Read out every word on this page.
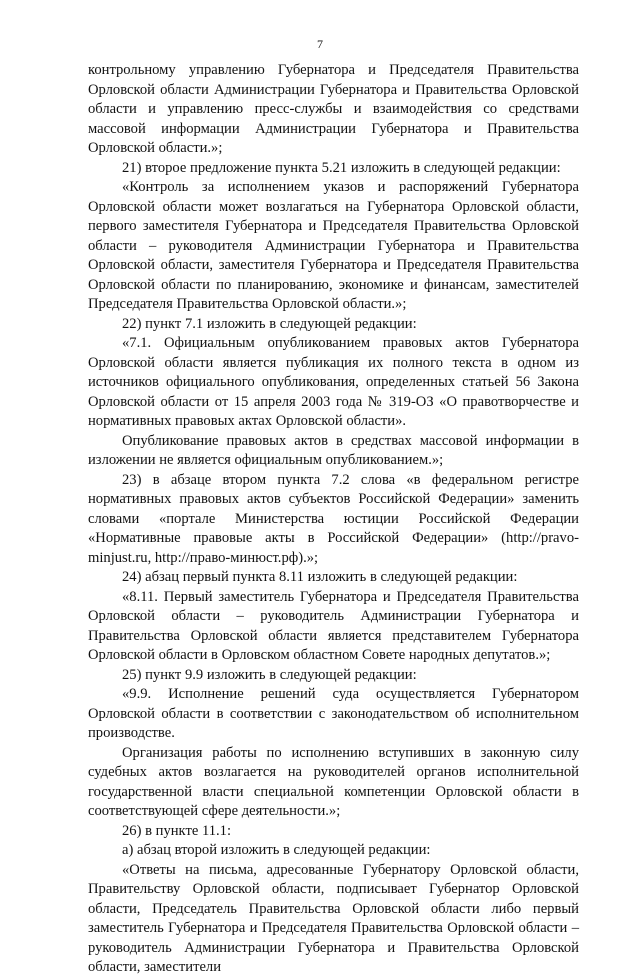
7

контрольному управлению Губернатора и Председателя Правительства Орловской области Администрации Губернатора и Правительства Орловской области и управлению пресс-службы и взаимодействия со средствами массовой информации Администрации Губернатора и Правительства Орловской области.»;

21) второе предложение пункта 5.21 изложить в следующей редакции:

«Контроль за исполнением указов и распоряжений Губернатора Орловской области может возлагаться на Губернатора Орловской области, первого заместителя Губернатора и Председателя Правительства Орловской области – руководителя Администрации Губернатора и Правительства Орловской области, заместителя Губернатора и Председателя Правительства Орловской области по планированию, экономике и финансам, заместителей Председателя Правительства Орловской области.»;

22) пункт 7.1 изложить в следующей редакции:

«7.1. Официальным опубликованием правовых актов Губернатора Орловской области является публикация их полного текста в одном из источников официального опубликования, определенных статьей 56 Закона Орловской области от 15 апреля 2003 года № 319-ОЗ «О правотворчестве и нормативных правовых актах Орловской области».

Опубликование правовых актов в средствах массовой информации в изложении не является официальным опубликованием.»;

23) в абзаце втором пункта 7.2 слова «в федеральном регистре нормативных правовых актов субъектов Российской Федерации» заменить словами «портале Министерства юстиции Российской Федерации «Нормативные правовые акты в Российской Федерации» (http://pravo-minjust.ru, http://право-минюст.рф).»;

24) абзац первый пункта 8.11 изложить в следующей редакции:

«8.11. Первый заместитель Губернатора и Председателя Правительства Орловской области – руководитель Администрации Губернатора и Правительства Орловской области является представителем Губернатора Орловской области в Орловском областном Совете народных депутатов.»;

25) пункт 9.9 изложить в следующей редакции:

«9.9. Исполнение решений суда осуществляется Губернатором Орловской области в соответствии с законодательством об исполнительном производстве.

Организация работы по исполнению вступивших в законную силу судебных актов возлагается на руководителей органов исполнительной государственной власти специальной компетенции Орловской области в соответствующей сфере деятельности.»;

26) в пункте 11.1:

а) абзац второй изложить в следующей редакции:

«Ответы на письма, адресованные Губернатору Орловской области, Правительству Орловской области, подписывает Губернатор Орловской области, Председатель Правительства Орловской области либо первый заместитель Губернатора и Председателя Правительства Орловской области – руководитель Администрации Губернатора и Правительства Орловской области, заместители
